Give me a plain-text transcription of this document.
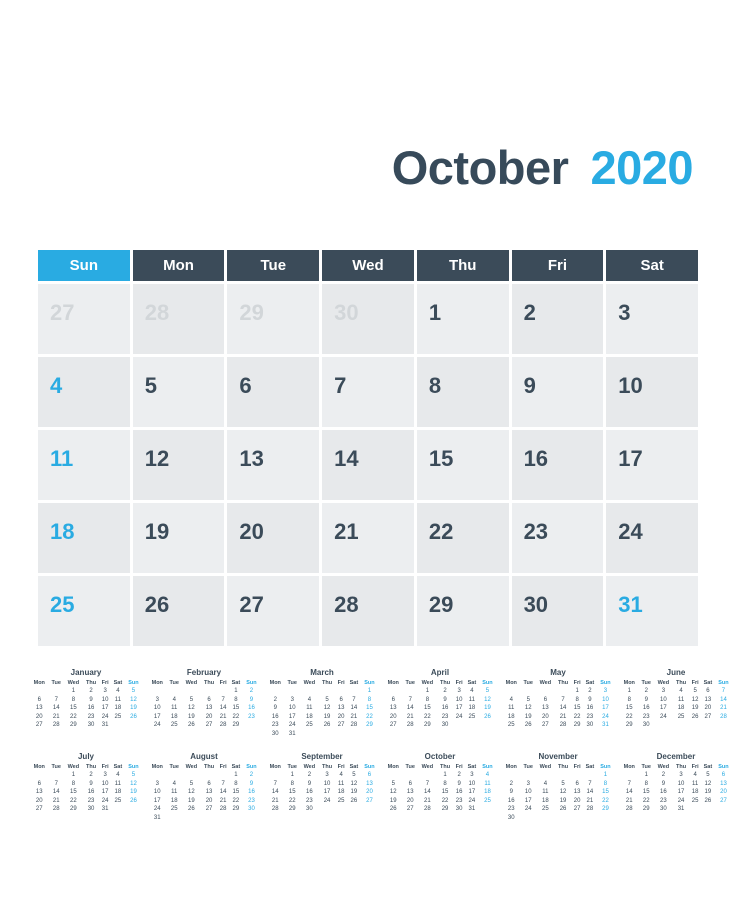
October 2020
Sun	Mon	Tue	Wed	Thu	Fri	Sat
27	28	29	30	1	2	3
4	5	6	7	8	9	10
11	12	13	14	15	16	17
18	19	20	21	22	23	24
25	26	27	28	29	30	31
January
Mon	Tue	Wed	Thu	Fri	Sat	Sun
		1	2	3	4	5
6	7	8	9	10	11	12
13	14	15	16	17	18	19
20	21	22	23	24	25	26
27	28	29	30	31		
February
Mon	Tue	Wed	Thu	Fri	Sat	Sun
					1	2
3	4	5	6	7	8	9
10	11	12	13	14	15	16
17	18	19	20	21	22	23
24	25	26	27	28	29	
March
Mon	Tue	Wed	Thu	Fri	Sat	Sun
						1
2	3	4	5	6	7	8
9	10	11	12	13	14	15
16	17	18	19	20	21	22
23	24	25	26	27	28	29
30	31					
April
Mon	Tue	Wed	Thu	Fri	Sat	Sun
		1	2	3	4	5
6	7	8	9	10	11	12
13	14	15	16	17	18	19
20	21	22	23	24	25	26
27	28	29	30			
May
Mon	Tue	Wed	Thu	Fri	Sat	Sun
				1	2	3
4	5	6	7	8	9	10
11	12	13	14	15	16	17
18	19	20	21	22	23	24
25	26	27	28	29	30	31
June
Mon	Tue	Wed	Thu	Fri	Sat	Sun
1	2	3	4	5	6	7
8	9	10	11	12	13	14
15	16	17	18	19	20	21
22	23	24	25	26	27	28
29	30					
July
Mon	Tue	Wed	Thu	Fri	Sat	Sun
		1	2	3	4	5
6	7	8	9	10	11	12
13	14	15	16	17	18	19
20	21	22	23	24	25	26
27	28	29	30	31		
August
Mon	Tue	Wed	Thu	Fri	Sat	Sun
					1	2
3	4	5	6	7	8	9
10	11	12	13	14	15	16
17	18	19	20	21	22	23
24	25	26	27	28	29	30
31						
September
Mon	Tue	Wed	Thu	Fri	Sat	Sun
	1	2	3	4	5	6
7	8	9	10	11	12	13
14	15	16	17	18	19	20
21	22	23	24	25	26	27
28	29	30				
October
Mon	Tue	Wed	Thu	Fri	Sat	Sun
			1	2	3	4
5	6	7	8	9	10	11
12	13	14	15	16	17	18
19	20	21	22	23	24	25
26	27	28	29	30	31	
November
Mon	Tue	Wed	Thu	Fri	Sat	Sun
						1
2	3	4	5	6	7	8
9	10	11	12	13	14	15
16	17	18	19	20	21	22
23	24	25	26	27	28	29
30						
December
Mon	Tue	Wed	Thu	Fri	Sat	Sun
	1	2	3	4	5	6
7	8	9	10	11	12	13
14	15	16	17	18	19	20
21	22	23	24	25	26	27
28	29	30	31			
